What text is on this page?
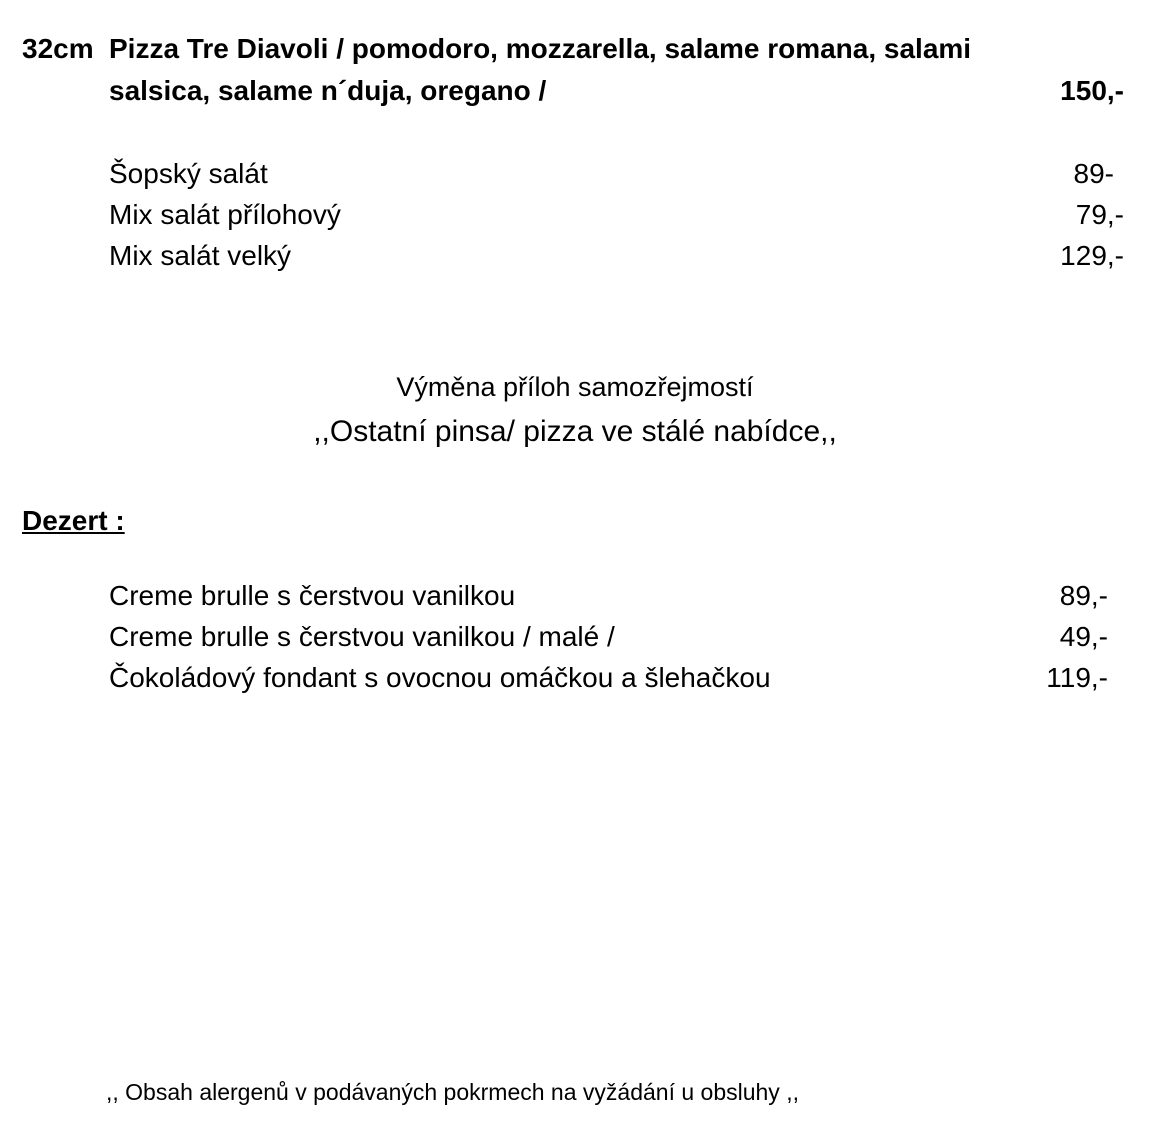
32cm Pizza Tre Diavoli / pomodoro, mozzarella, salame romana, salami
salsica, salame n´duja, oregano /	150,-
Šopský salát	89-
Mix salát přílohový	79,-
Mix salát velký	129,-
Výměna příloh samozřejmostí
,,Ostatní pinsa/ pizza ve stálé nabídce,,
Dezert :
Creme brulle s čerstvou vanilkou	89,-
Creme brulle s čerstvou vanilkou / malé /	49,-
Čokoládový fondant s ovocnou omáčkou a šlehačkou	119,-
,, Obsah alergenů v podávaných pokrmech na vyžádání u obsluhy ,,
